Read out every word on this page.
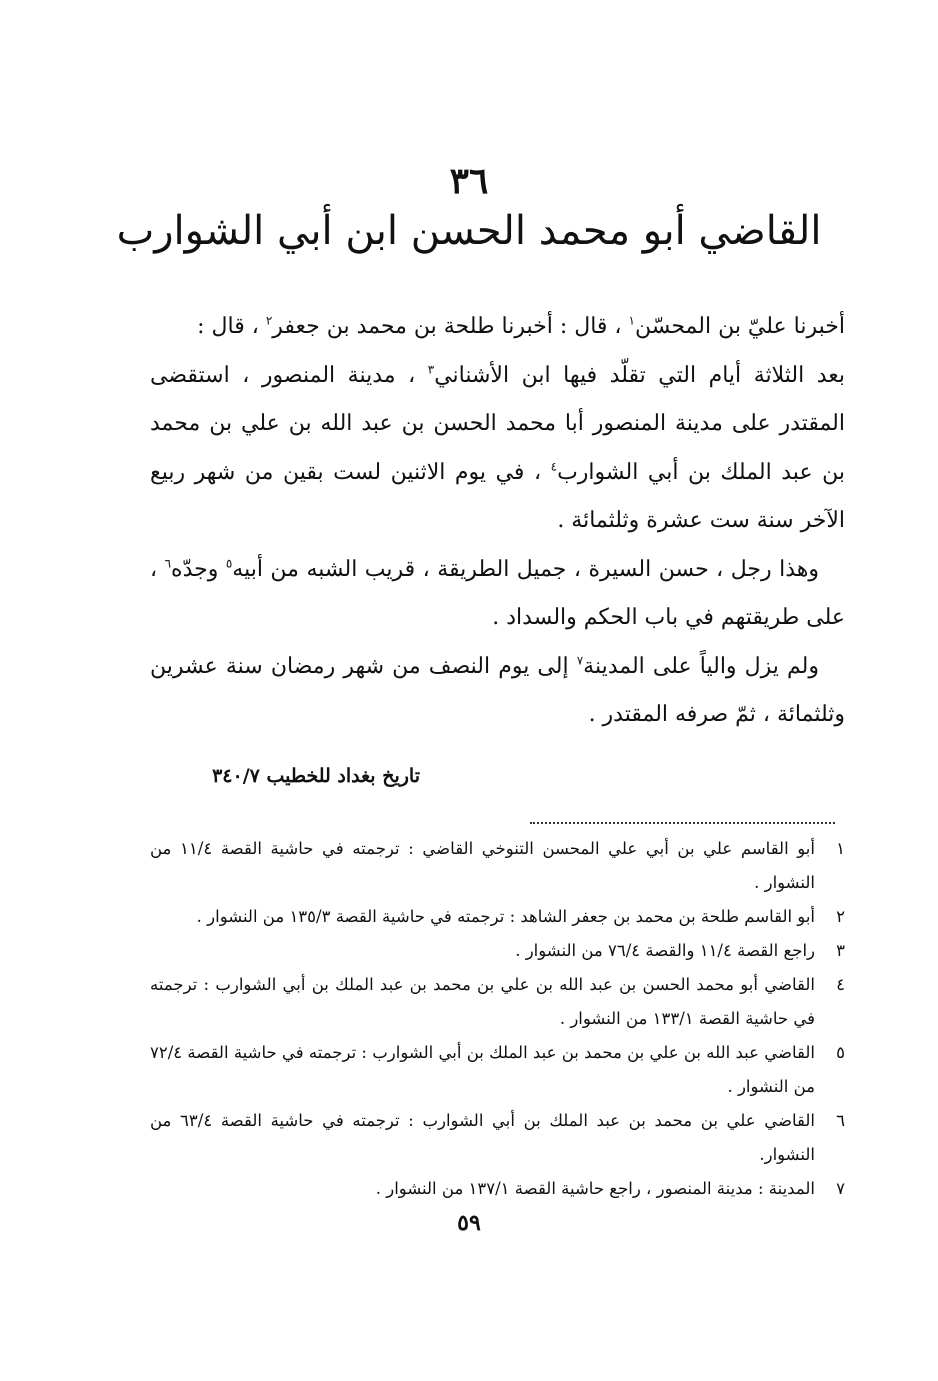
٣٦
القاضي أبو محمد الحسن ابن أبي الشوارب

أخبرنا عليّ بن المحسّن$^١$ ، قال : أخبرنا طلحة بن محمد بن جعفر$^٢$ ، قال :

بعد الثلاثة أيام التي تقلّد فيها ابن الأشناني$^٣$ ، مدينة المنصور ، استقضى المقتدر على مدينة المنصور أبا محمد الحسن بن عبد الله بن علي بن محمد بن عبد الملك بن أبي الشوارب$^٤$ ، في يوم الاثنين لست بقين من شهر ربيع الآخر سنة ست عشرة وثلثمائة .

وهذا رجل ، حسن السيرة ، جميل الطريقة ، قريب الشبه من أبيه$^٥$ وجدّه$^٦$ ، على طريقتهم في باب الحكم والسداد .

ولم يزل والياً على المدينة$^٧$ إلى يوم النصف من شهر رمضان سنة عشرين وثلثمائة ، ثمّ صرفه المقتدر .

تاريخ بغداد للخطيب ٣٤٠/٧
١
أبو القاسم علي بن أبي علي المحسن التنوخي القاضي : ترجمته في حاشية القصة ١١/٤ من النشوار .
٢
أبو القاسم طلحة بن محمد بن جعفر الشاهد : ترجمته في حاشية القصة ١٣٥/٣ من النشوار .
٣
راجع القصة ١١/٤ والقصة ٧٦/٤ من النشوار .
٤
القاضي أبو محمد الحسن بن عبد الله بن علي بن محمد بن عبد الملك بن أبي الشوارب : ترجمته في حاشية القصة ١٣٣/١ من النشوار .
٥
القاضي عبد الله بن علي بن محمد بن عبد الملك بن أبي الشوارب : ترجمته في حاشية القصة ٧٢/٤ من النشوار .
٦
القاضي علي بن محمد بن عبد الملك بن أبي الشوارب : ترجمته في حاشية القصة ٦٣/٤ من النشوار.
٧
المدينة : مدينة المنصور ، راجع حاشية القصة ١٣٧/١ من النشوار .
٥٩
